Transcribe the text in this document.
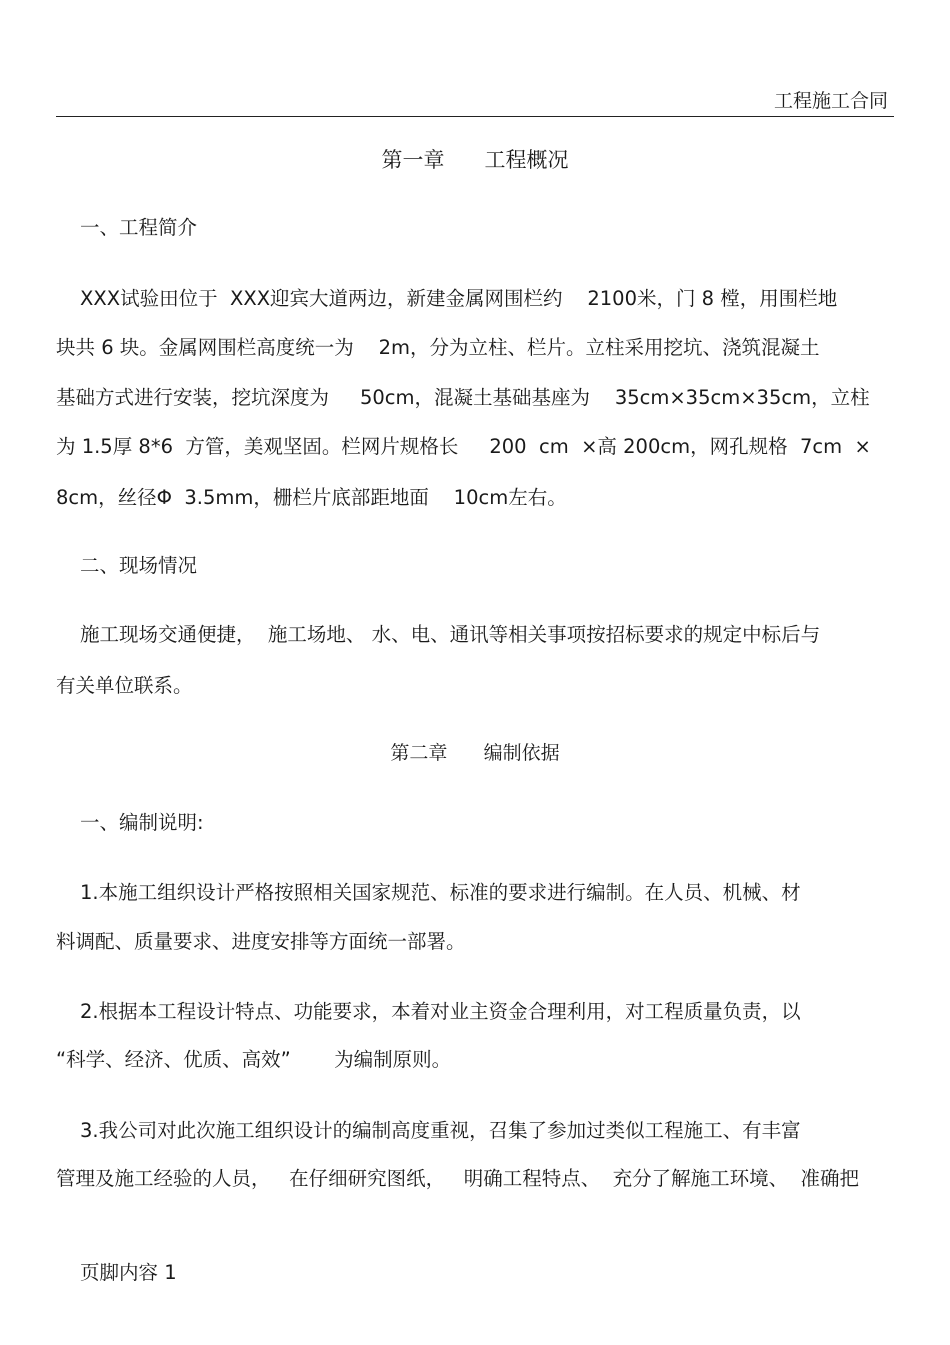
工程施工合同
第一章      工程概况
一、工程简介
XXX试验田位于  XXX迎宾大道两边，新建金属网围栏约    2100米，门 8 樘，用围栏地
块共 6 块。金属网围栏高度统一为    2m，分为立柱、栏片。立柱采用挖坑、浇筑混凝土
基础方式进行安装，挖坑深度为     50cm，混凝土基础基座为    35cm×35cm×35cm，立柱
为 1.5厚 8*6  方管，美观坚固。栏网片规格长     200  cm  ×高 200cm，网孔规格  7cm  ×
8cm，丝径Φ  3.5mm，栅栏片底部距地面    10cm左右。
二、现场情况
施工现场交通便捷，  施工场地、 水、电、通讯等相关事项按招标要求的规定中标后与
有关单位联系。
第二章      编制依据
一、编制说明:
1.本施工组织设计严格按照相关国家规范、标准的要求进行编制。在人员、机械、材
料调配、质量要求、进度安排等方面统一部署。
2.根据本工程设计特点、功能要求，本着对业主资金合理利用，对工程质量负责，以
“科学、经济、优质、高效”       为编制原则。
3.我公司对此次施工组织设计的编制高度重视，召集了参加过类似工程施工、有丰富
管理及施工经验的人员，   在仔细研究图纸，   明确工程特点、  充分了解施工环境、  准确把
页脚内容 1
